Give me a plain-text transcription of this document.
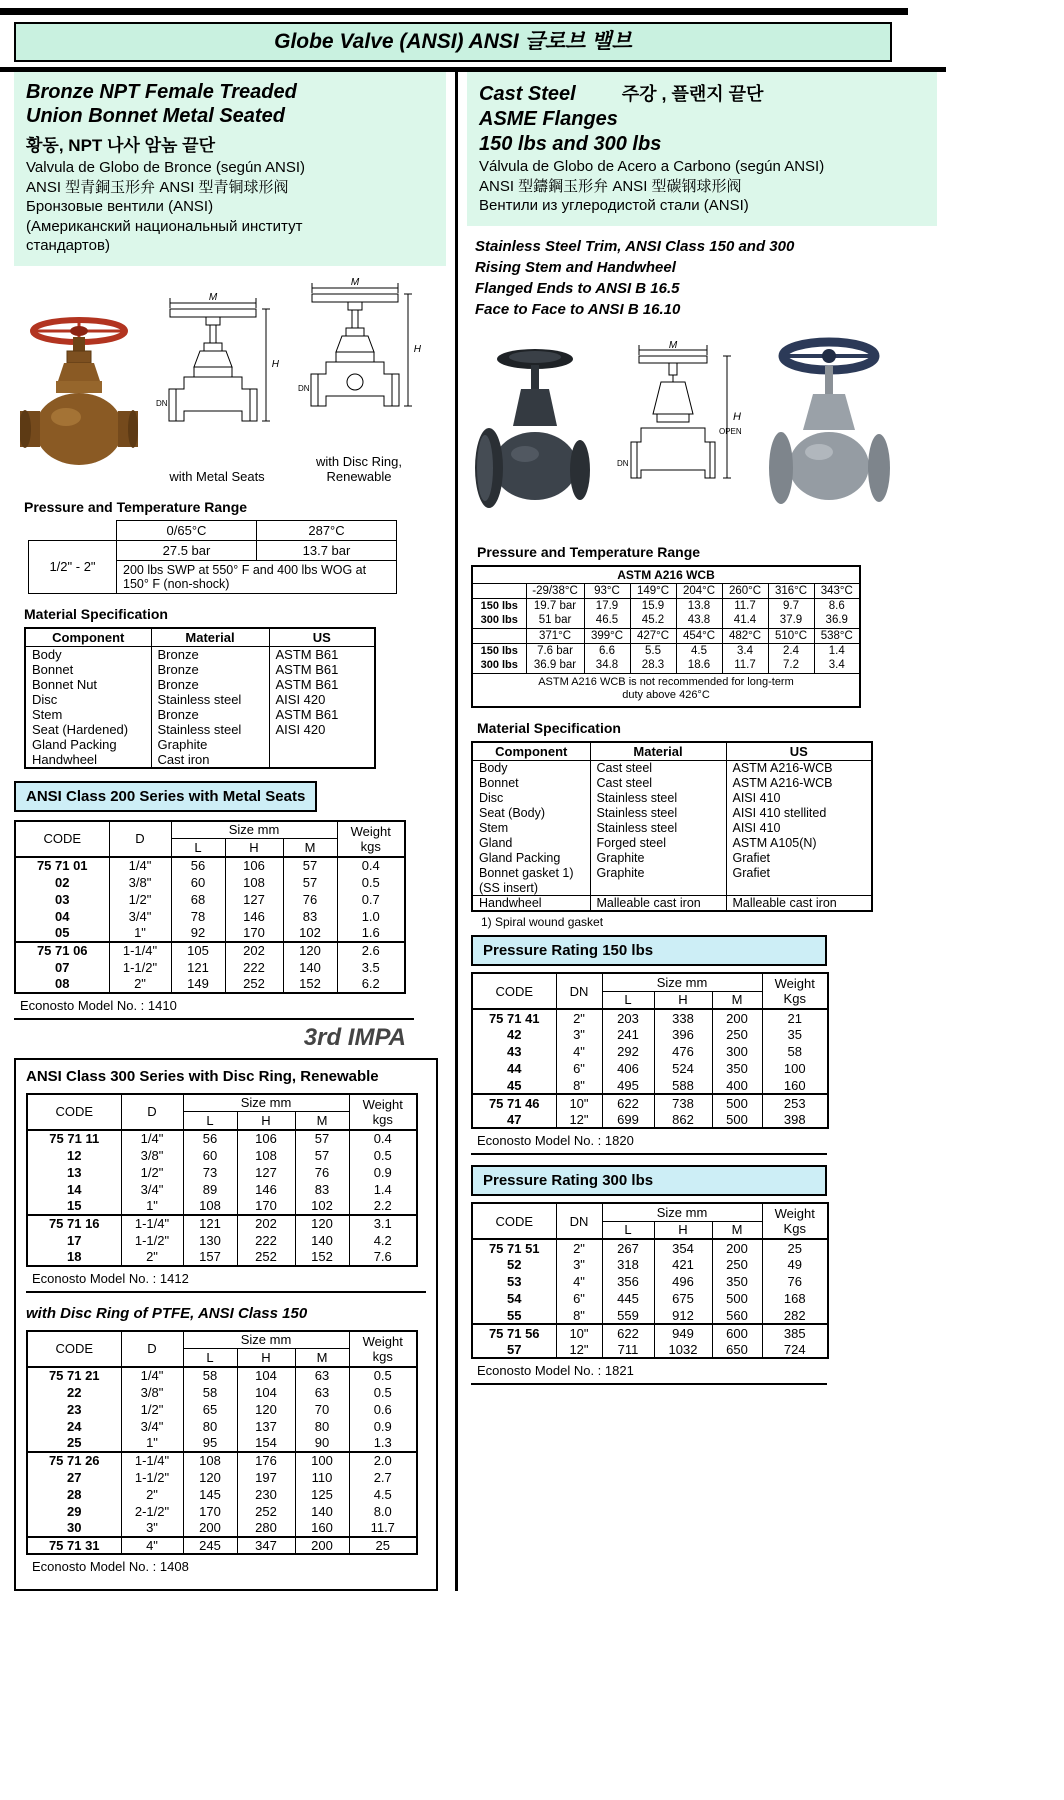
Globe Valve (ANSI) ANSI 글로브 밸브
Bronze NPT Female Treaded
Union Bonnet Metal Seated
황동, NPT 나사 암놈 끝단
Valvula de Globo de Bronce (según ANSI)
ANSI 型青銅玉形弁 ANSI 型青铜球形阀
Бронзовые вентили (ANSI)
(Американский национальный институт
стандартов)
M
H
DN
with Metal Seats
M
H
DN
with Disc Ring,
Renewable
Pressure and Temperature Range
	0/65°C	287°C
1/2" - 2"	27.5 bar	13.7 bar

	200 lbs SWP at 550° F and 400 lbs WOG at
150° F (non-shock)	
Material Specification
Component	Material	US
Body	Bronze	ASTM B61
Bonnet	Bronze	ASTM B61
Bonnet Nut	Bronze	ASTM B61
Disc	Stainless steel	AISI 420
Stem	Bronze	ASTM B61
Seat (Hardened)	Stainless steel	AISI 420
Gland Packing	Graphite	
Handwheel	Cast iron	
ANSI Class 200 Series with Metal Seats
CODE	D	Size mm			Weight
kgs

		L	H	M	
75 71 01	1/4"	56	106	57	0.4
02	3/8"	60	108	57	0.5
03	1/2"	68	127	76	0.7
04	3/4"	78	146	83	1.0
05	1"	92	170	102	1.6
75 71 06	1-1/4"	105	202	120	2.6
07	1-1/2"	121	222	140	3.5
08	2"	149	252	152	6.2
Econosto Model No. : 1410
3rd IMPA
ANSI Class 300 Series with Disc Ring, Renewable
CODE	D	Size mm			Weight
kgs

		L	H	M	
75 71 11	1/4"	56	106	57	0.4
12	3/8"	60	108	57	0.5
13	1/2"	73	127	76	0.9
14	3/4"	89	146	83	1.4
15	1"	108	170	102	2.2
75 71 16	1-1/4"	121	202	120	3.1
17	1-1/2"	130	222	140	4.2
18	2"	157	252	152	7.6
Econosto Model No. : 1412
with Disc Ring of PTFE, ANSI Class 150
CODE	D	Size mm			Weight
kgs

		L	H	M	
75 71 21	1/4"	58	104	63	0.5
22	3/8"	58	104	63	0.5
23	1/2"	65	120	70	0.6
24	3/4"	80	137	80	0.9
25	1"	95	154	90	1.3
75 71 26	1-1/4"	108	176	100	2.0
27	1-1/2"	120	197	110	2.7
28	2"	145	230	125	4.5
29	2-1/2"	170	252	140	8.0
30	3"	200	280	160	11.7
75 71 31	4"	245	347	200	25
Econosto Model No. : 1408
Cast Steel	주강 , 플랜지 끝단
ASME Flanges
150 lbs and 300 lbs
Válvula de Globo de Acero a Carbono (según ANSI)
ANSI 型鑄鋼玉形弁 ANSI 型碳钢球形阀
Вентили из углеродистой стали (ANSI)
Stainless Steel Trim, ANSI Class 150 and 300
Rising Stem and Handwheel
Flanged Ends to ANSI B 16.5
Face to Face to ANSI B 16.10
M
H
OPEN
DN
Pressure and Temperature Range
ASTM A216 WCB							
	-29/38°C	93°C	149°C	204°C	260°C	316°C	343°C
150 lbs	19.7 bar	17.9	15.9	13.8	11.7	9.7	8.6
300 lbs	51 bar	46.5	45.2	43.8	41.4	37.9	36.9
	371°C	399°C	427°C	454°C	482°C	510°C	538°C
150 lbs	7.6 bar	6.6	5.5	4.5	3.4	2.4	1.4
300 lbs	36.9 bar	34.8	28.3	18.6	11.7	7.2	3.4

ASTM A216 WCB is not recommended for long-term
duty above 426°C							
Material Specification
Component	Material	US
Body	Cast steel	ASTM A216-WCB
Bonnet	Cast steel	ASTM A216-WCB
Disc	Stainless steel	AISI 410
Seat (Body)	Stainless steel	AISI 410 stellited
Stem	Stainless steel	AISI 410
Gland	Forged steel	ASTM A105(N)
Gland Packing	Graphite	Grafiet
Bonnet gasket 1)	Graphite	Grafiet
(SS insert)		
Handwheel	Malleable cast iron	Malleable cast iron
1) Spiral wound gasket
Pressure Rating 150 lbs
CODE	DN	Size mm			Weight
Kgs

		L	H	M	
75 71 41	2"	203	338	200	21
42	3"	241	396	250	35
43	4"	292	476	300	58
44	6"	406	524	350	100
45	8"	495	588	400	160
75 71 46	10"	622	738	500	253
47	12"	699	862	500	398
Econosto Model No. : 1820
Pressure Rating 300 lbs
CODE	DN	Size mm			Weight
Kgs

		L	H	M	
75 71 51	2"	267	354	200	25
52	3"	318	421	250	49
53	4"	356	496	350	76
54	6"	445	675	500	168
55	8"	559	912	560	282
75 71 56	10"	622	949	600	385
57	12"	711	1032	650	724
Econosto Model No. : 1821
